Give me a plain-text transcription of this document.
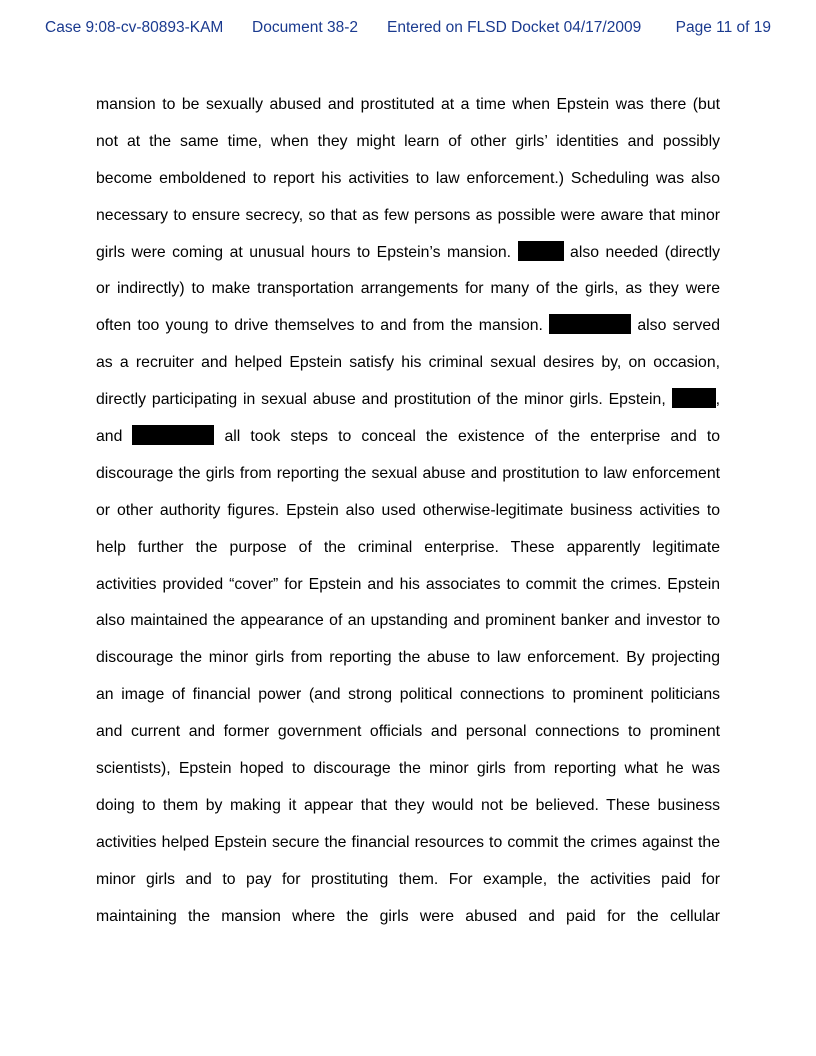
Case 9:08-cv-80893-KAM Document 38-2 Entered on FLSD Docket 04/17/2009 Page 11 of 19
mansion to be sexually abused and prostituted at a time when Epstein was there (but
not at the same time, when they might learn of other girls’ identities and possibly
become emboldened to report his activities to law enforcement.) Scheduling was also
necessary to ensure secrecy, so that as few persons as possible were aware that minor
girls were coming at unusual hours to Epstein’s mansion.	also needed (directly
or indirectly) to make transportation arrangements for many of the girls, as they were
often too young to drive themselves to and from the mansion.	also served
as a recruiter and helped Epstein satisfy his criminal sexual desires by, on occasion,
directly participating in sexual abuse and prostitution of the minor girls. Epstein,	,
and	all took steps to conceal the existence of the enterprise and to
discourage the girls from reporting the sexual abuse and prostitution to law enforcement
or other authority figures. Epstein also used otherwise-legitimate business activities to
help further the purpose of the criminal enterprise. These apparently legitimate
activities provided “cover” for Epstein and his associates to commit the crimes. Epstein
also maintained the appearance of an upstanding and prominent banker and investor to
discourage the minor girls from reporting the abuse to law enforcement. By projecting
an image of financial power (and strong political connections to prominent politicians
and current and former government officials and personal connections to prominent
scientists), Epstein hoped to discourage the minor girls from reporting what he was
doing to them by making it appear that they would not be believed. These business
activities helped Epstein secure the financial resources to commit the crimes against the
minor girls and to pay for prostituting them. For example, the activities paid for
maintaining the mansion where the girls were abused and paid for the cellular
